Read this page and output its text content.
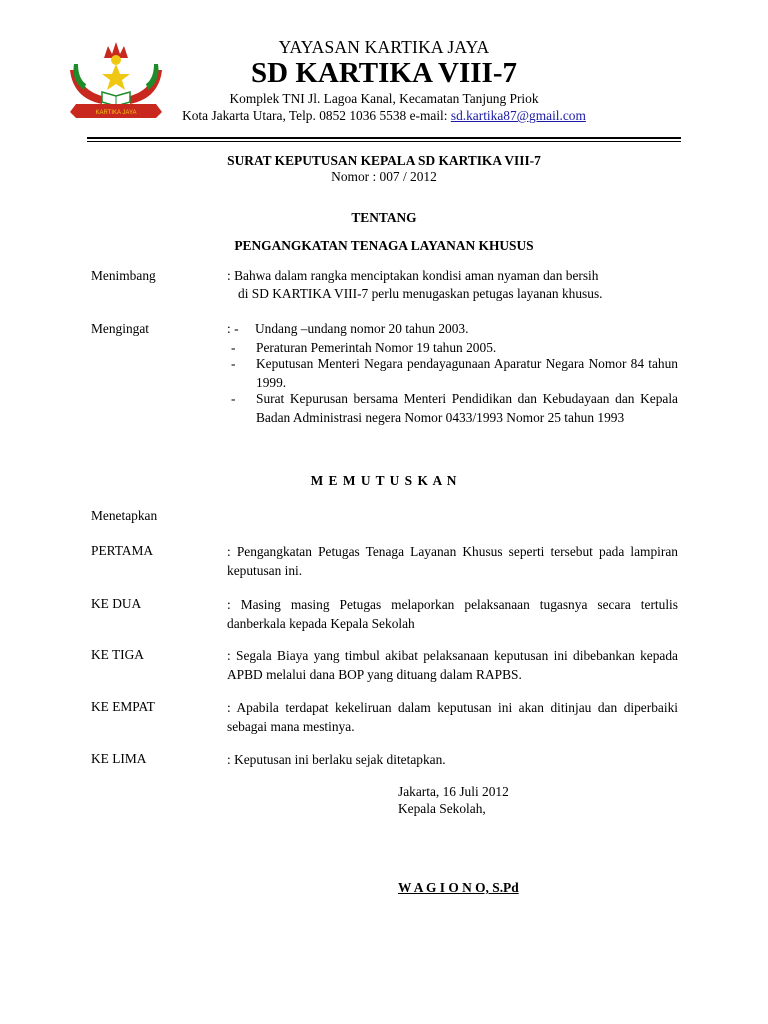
KARTIKA JAYA
YAYASAN KARTIKA JAYA
SD KARTIKA VIII-7
Komplek TNI Jl. Lagoa Kanal, Kecamatan Tanjung Priok
Kota Jakarta Utara, Telp. 0852 1036 5538 e-mail: sd.kartika87@gmail.com
SURAT KEPUTUSAN KEPALA SD KARTIKA VIII-7
Nomor : 007 / 2012
TENTANG
PENGANGKATAN TENAGA LAYANAN KHUSUS
Menimbang	: Bahwa dalam rangka menciptakan kondisi aman nyaman dan bersih
di SD KARTIKA VIII-7 perlu menugaskan petugas layanan khusus.
Mengingat	: - Undang –undang nomor 20 tahun 2003.
- Peraturan Pemerintah Nomor 19 tahun 2005.
- Keputusan Menteri Negara pendayagunaan Aparatur Negara Nomor 84 tahun 1999.
- Surat Kepurusan bersama Menteri Pendidikan dan Kebudayaan dan Kepala Badan Administrasi negera Nomor 0433/1993 Nomor 25 tahun 1993
M E M U T U S K A N
Menetapkan
PERTAMA	: Pengangkatan Petugas Tenaga Layanan Khusus seperti tersebut pada lampiran keputusan ini.
KE DUA	: Masing masing Petugas melaporkan pelaksanaan tugasnya secara tertulis danberkala kepada Kepala Sekolah
KE TIGA	: Segala Biaya yang timbul akibat pelaksanaan keputusan ini dibebankan kepada APBD melalui dana BOP yang dituang dalam RAPBS.
KE EMPAT	: Apabila terdapat kekeliruan dalam keputusan ini akan ditinjau dan diperbaiki sebagai mana mestinya.
KE LIMA	: Keputusan ini berlaku sejak ditetapkan.
Jakarta, 16 Juli 2012
Kepala Sekolah,
W A G I O N O, S.Pd
